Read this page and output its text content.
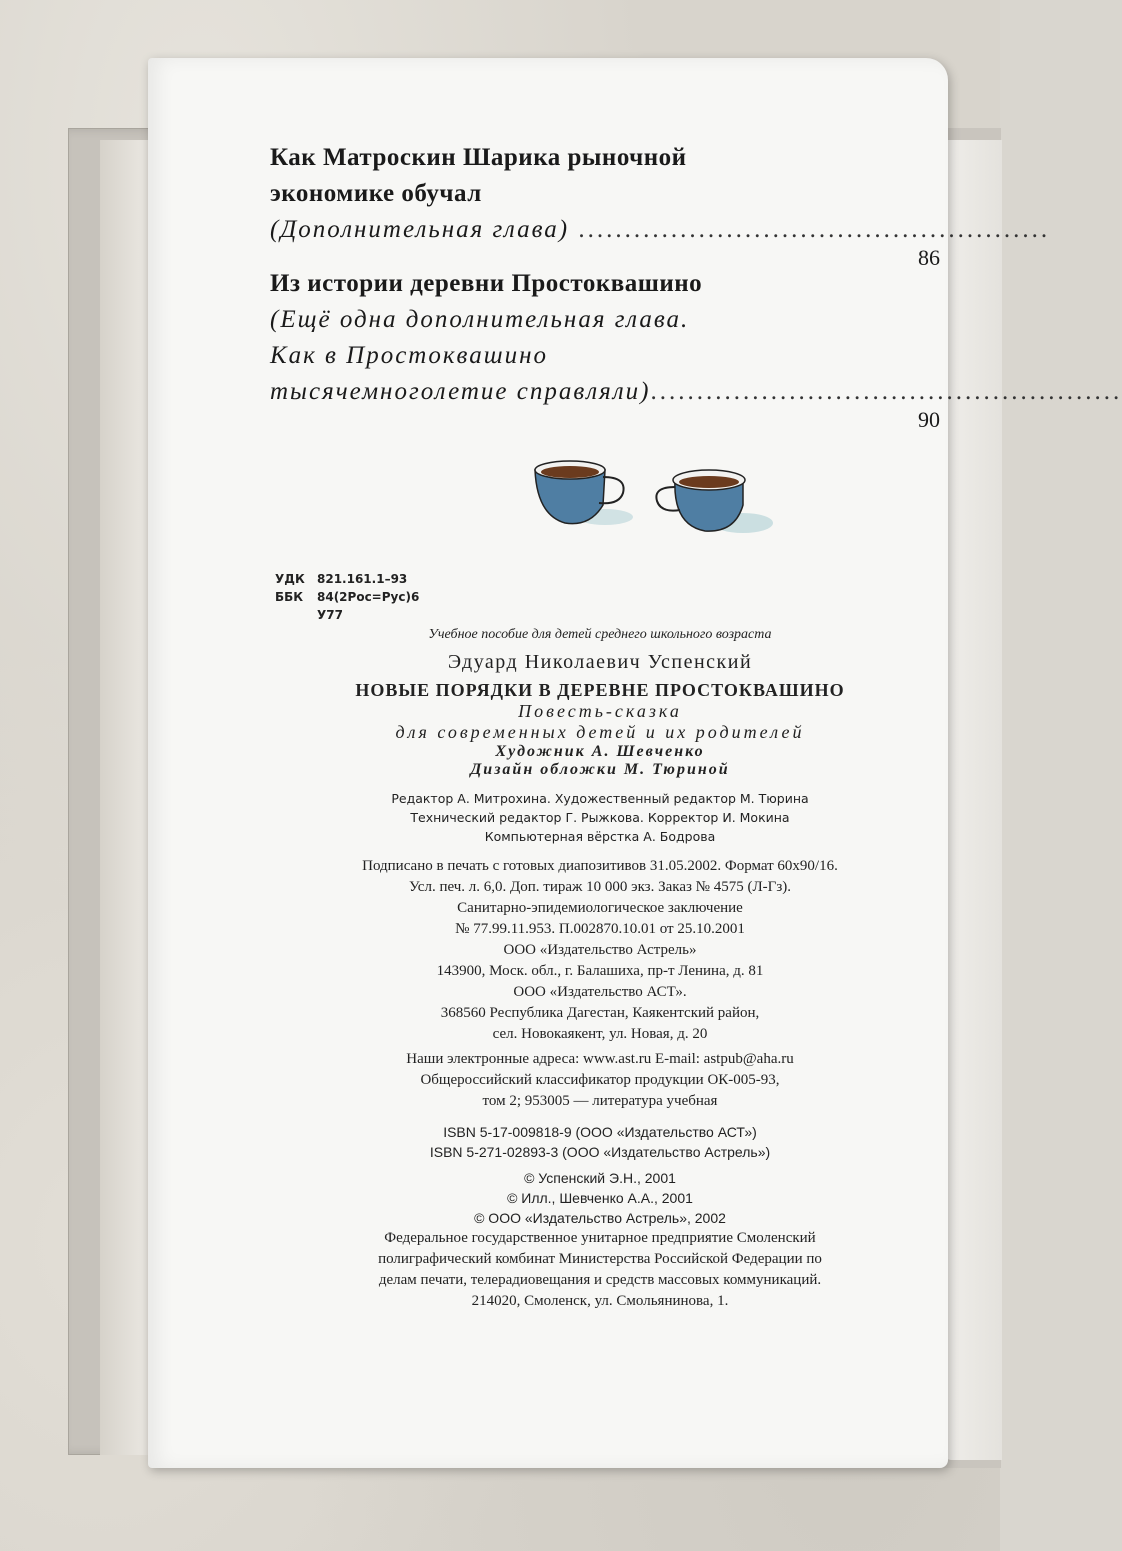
Как Матроскин Шарика рыночной
экономике обучал
(Дополнительная глава) ...................................................
86
Из истории деревни Простоквашино
(Ещё одна дополнительная глава.
Как в Простоквашино
тысячемноголетие справляли) ...................................................
90
УДК 821.161.1–93
ББК 84(2Рос=Рус)6
У77
Учебное пособие для детей среднего школьного возраста
Эдуард Николаевич Успенский
НОВЫЕ ПОРЯДКИ В ДЕРЕВНЕ ПРОСТОКВАШИНО
Повесть-сказка
для современных детей и их родителей
Художник А. Шевченко
Дизайн обложки М. Тюриной
Редактор А. Митрохина. Художественный редактор М. Тюрина
Технический редактор Г. Рыжкова. Корректор И. Мокина
Компьютерная вёрстка А. Бодрова
Подписано в печать с готовых диапозитивов 31.05.2002. Формат 60x90/16.
Усл. печ. л. 6,0. Доп. тираж 10 000 экз. Заказ № 4575 (Л-Гз).
Санитарно-эпидемиологическое заключение
№ 77.99.11.953. П.002870.10.01 от 25.10.2001
ООО «Издательство Астрель»
143900, Моск. обл., г. Балашиха, пр-т Ленина, д. 81
ООО «Издательство АСТ».
368560 Республика Дагестан, Каякентский район,
сел. Новокаякент, ул. Новая, д. 20
Наши электронные адреса: www.ast.ru E-mail: astpub@aha.ru
Общероссийский классификатор продукции ОК-005-93,
том 2; 953005 — литература учебная
ISBN 5-17-009818-9 (ООО «Издательство АСТ»)
ISBN 5-271-02893-3 (ООО «Издательство Астрель»)
© Успенский Э.Н., 2001
© Илл., Шевченко А.А., 2001
© ООО «Издательство Астрель», 2002
Федеральное государственное унитарное предприятие Смоленский
полиграфический комбинат Министерства Российской Федерации по
делам печати, телерадиовещания и средств массовых коммуникаций.
214020, Смоленск, ул. Смольянинова, 1.
